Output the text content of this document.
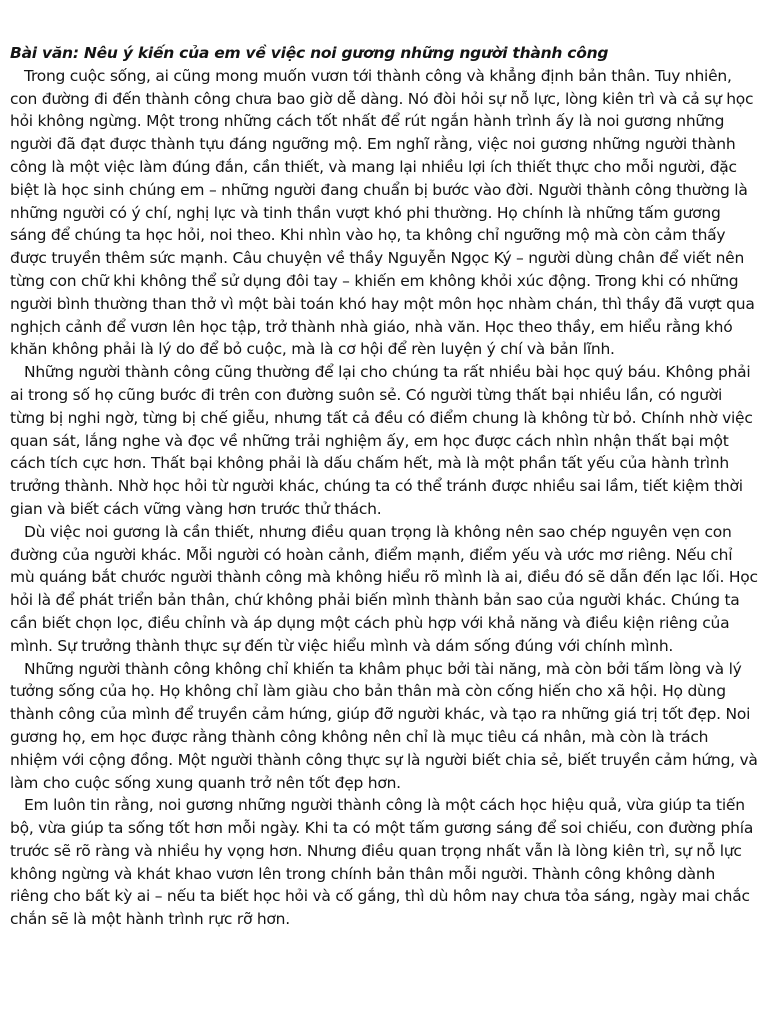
Bài văn: Nêu ý kiến của em về việc noi gương những người thành công

Trong cuộc sống, ai cũng mong muốn vươn tới thành công và khẳng định bản thân. Tuy nhiên, con đường đi đến thành công chưa bao giờ dễ dàng. Nó đòi hỏi sự nỗ lực, lòng kiên trì và cả sự học hỏi không ngừng. Một trong những cách tốt nhất để rút ngắn hành trình ấy là noi gương những người đã đạt được thành tựu đáng ngưỡng mộ. Em nghĩ rằng, việc noi gương những người thành công là một việc làm đúng đắn, cần thiết, và mang lại nhiều lợi ích thiết thực cho mỗi người, đặc biệt là học sinh chúng em – những người đang chuẩn bị bước vào đời. Người thành công thường là những người có ý chí, nghị lực và tinh thần vượt khó phi thường. Họ chính là những tấm gương sáng để chúng ta học hỏi, noi theo. Khi nhìn vào họ, ta không chỉ ngưỡng mộ mà còn cảm thấy được truyền thêm sức mạnh. Câu chuyện về thầy Nguyễn Ngọc Ký – người dùng chân để viết nên từng con chữ khi không thể sử dụng đôi tay – khiến em không khỏi xúc động. Trong khi có những người bình thường than thở vì một bài toán khó hay một môn học nhàm chán, thì thầy đã vượt qua nghịch cảnh để vươn lên học tập, trở thành nhà giáo, nhà văn. Học theo thầy, em hiểu rằng khó khăn không phải là lý do để bỏ cuộc, mà là cơ hội để rèn luyện ý chí và bản lĩnh.

Những người thành công cũng thường để lại cho chúng ta rất nhiều bài học quý báu. Không phải ai trong số họ cũng bước đi trên con đường suôn sẻ. Có người từng thất bại nhiều lần, có người từng bị nghi ngờ, từng bị chế giễu, nhưng tất cả đều có điểm chung là không từ bỏ. Chính nhờ việc quan sát, lắng nghe và đọc về những trải nghiệm ấy, em học được cách nhìn nhận thất bại một cách tích cực hơn. Thất bại không phải là dấu chấm hết, mà là một phần tất yếu của hành trình trưởng thành. Nhờ học hỏi từ người khác, chúng ta có thể tránh được nhiều sai lầm, tiết kiệm thời gian và biết cách vững vàng hơn trước thử thách.

Dù việc noi gương là cần thiết, nhưng điều quan trọng là không nên sao chép nguyên vẹn con đường của người khác. Mỗi người có hoàn cảnh, điểm mạnh, điểm yếu và ước mơ riêng. Nếu chỉ mù quáng bắt chước người thành công mà không hiểu rõ mình là ai, điều đó sẽ dẫn đến lạc lối. Học hỏi là để phát triển bản thân, chứ không phải biến mình thành bản sao của người khác. Chúng ta cần biết chọn lọc, điều chỉnh và áp dụng một cách phù hợp với khả năng và điều kiện riêng của mình. Sự trưởng thành thực sự đến từ việc hiểu mình và dám sống đúng với chính mình.

Những người thành công không chỉ khiến ta khâm phục bởi tài năng, mà còn bởi tấm lòng và lý tưởng sống của họ. Họ không chỉ làm giàu cho bản thân mà còn cống hiến cho xã hội. Họ dùng thành công của mình để truyền cảm hứng, giúp đỡ người khác, và tạo ra những giá trị tốt đẹp. Noi gương họ, em học được rằng thành công không nên chỉ là mục tiêu cá nhân, mà còn là trách nhiệm với cộng đồng. Một người thành công thực sự là người biết chia sẻ, biết truyền cảm hứng, và làm cho cuộc sống xung quanh trở nên tốt đẹp hơn.

Em luôn tin rằng, noi gương những người thành công là một cách học hiệu quả, vừa giúp ta tiến bộ, vừa giúp ta sống tốt hơn mỗi ngày. Khi ta có một tấm gương sáng để soi chiếu, con đường phía trước sẽ rõ ràng và nhiều hy vọng hơn. Nhưng điều quan trọng nhất vẫn là lòng kiên trì, sự nỗ lực không ngừng và khát khao vươn lên trong chính bản thân mỗi người. Thành công không dành riêng cho bất kỳ ai – nếu ta biết học hỏi và cố gắng, thì dù hôm nay chưa tỏa sáng, ngày mai chắc chắn sẽ là một hành trình rực rỡ hơn.
